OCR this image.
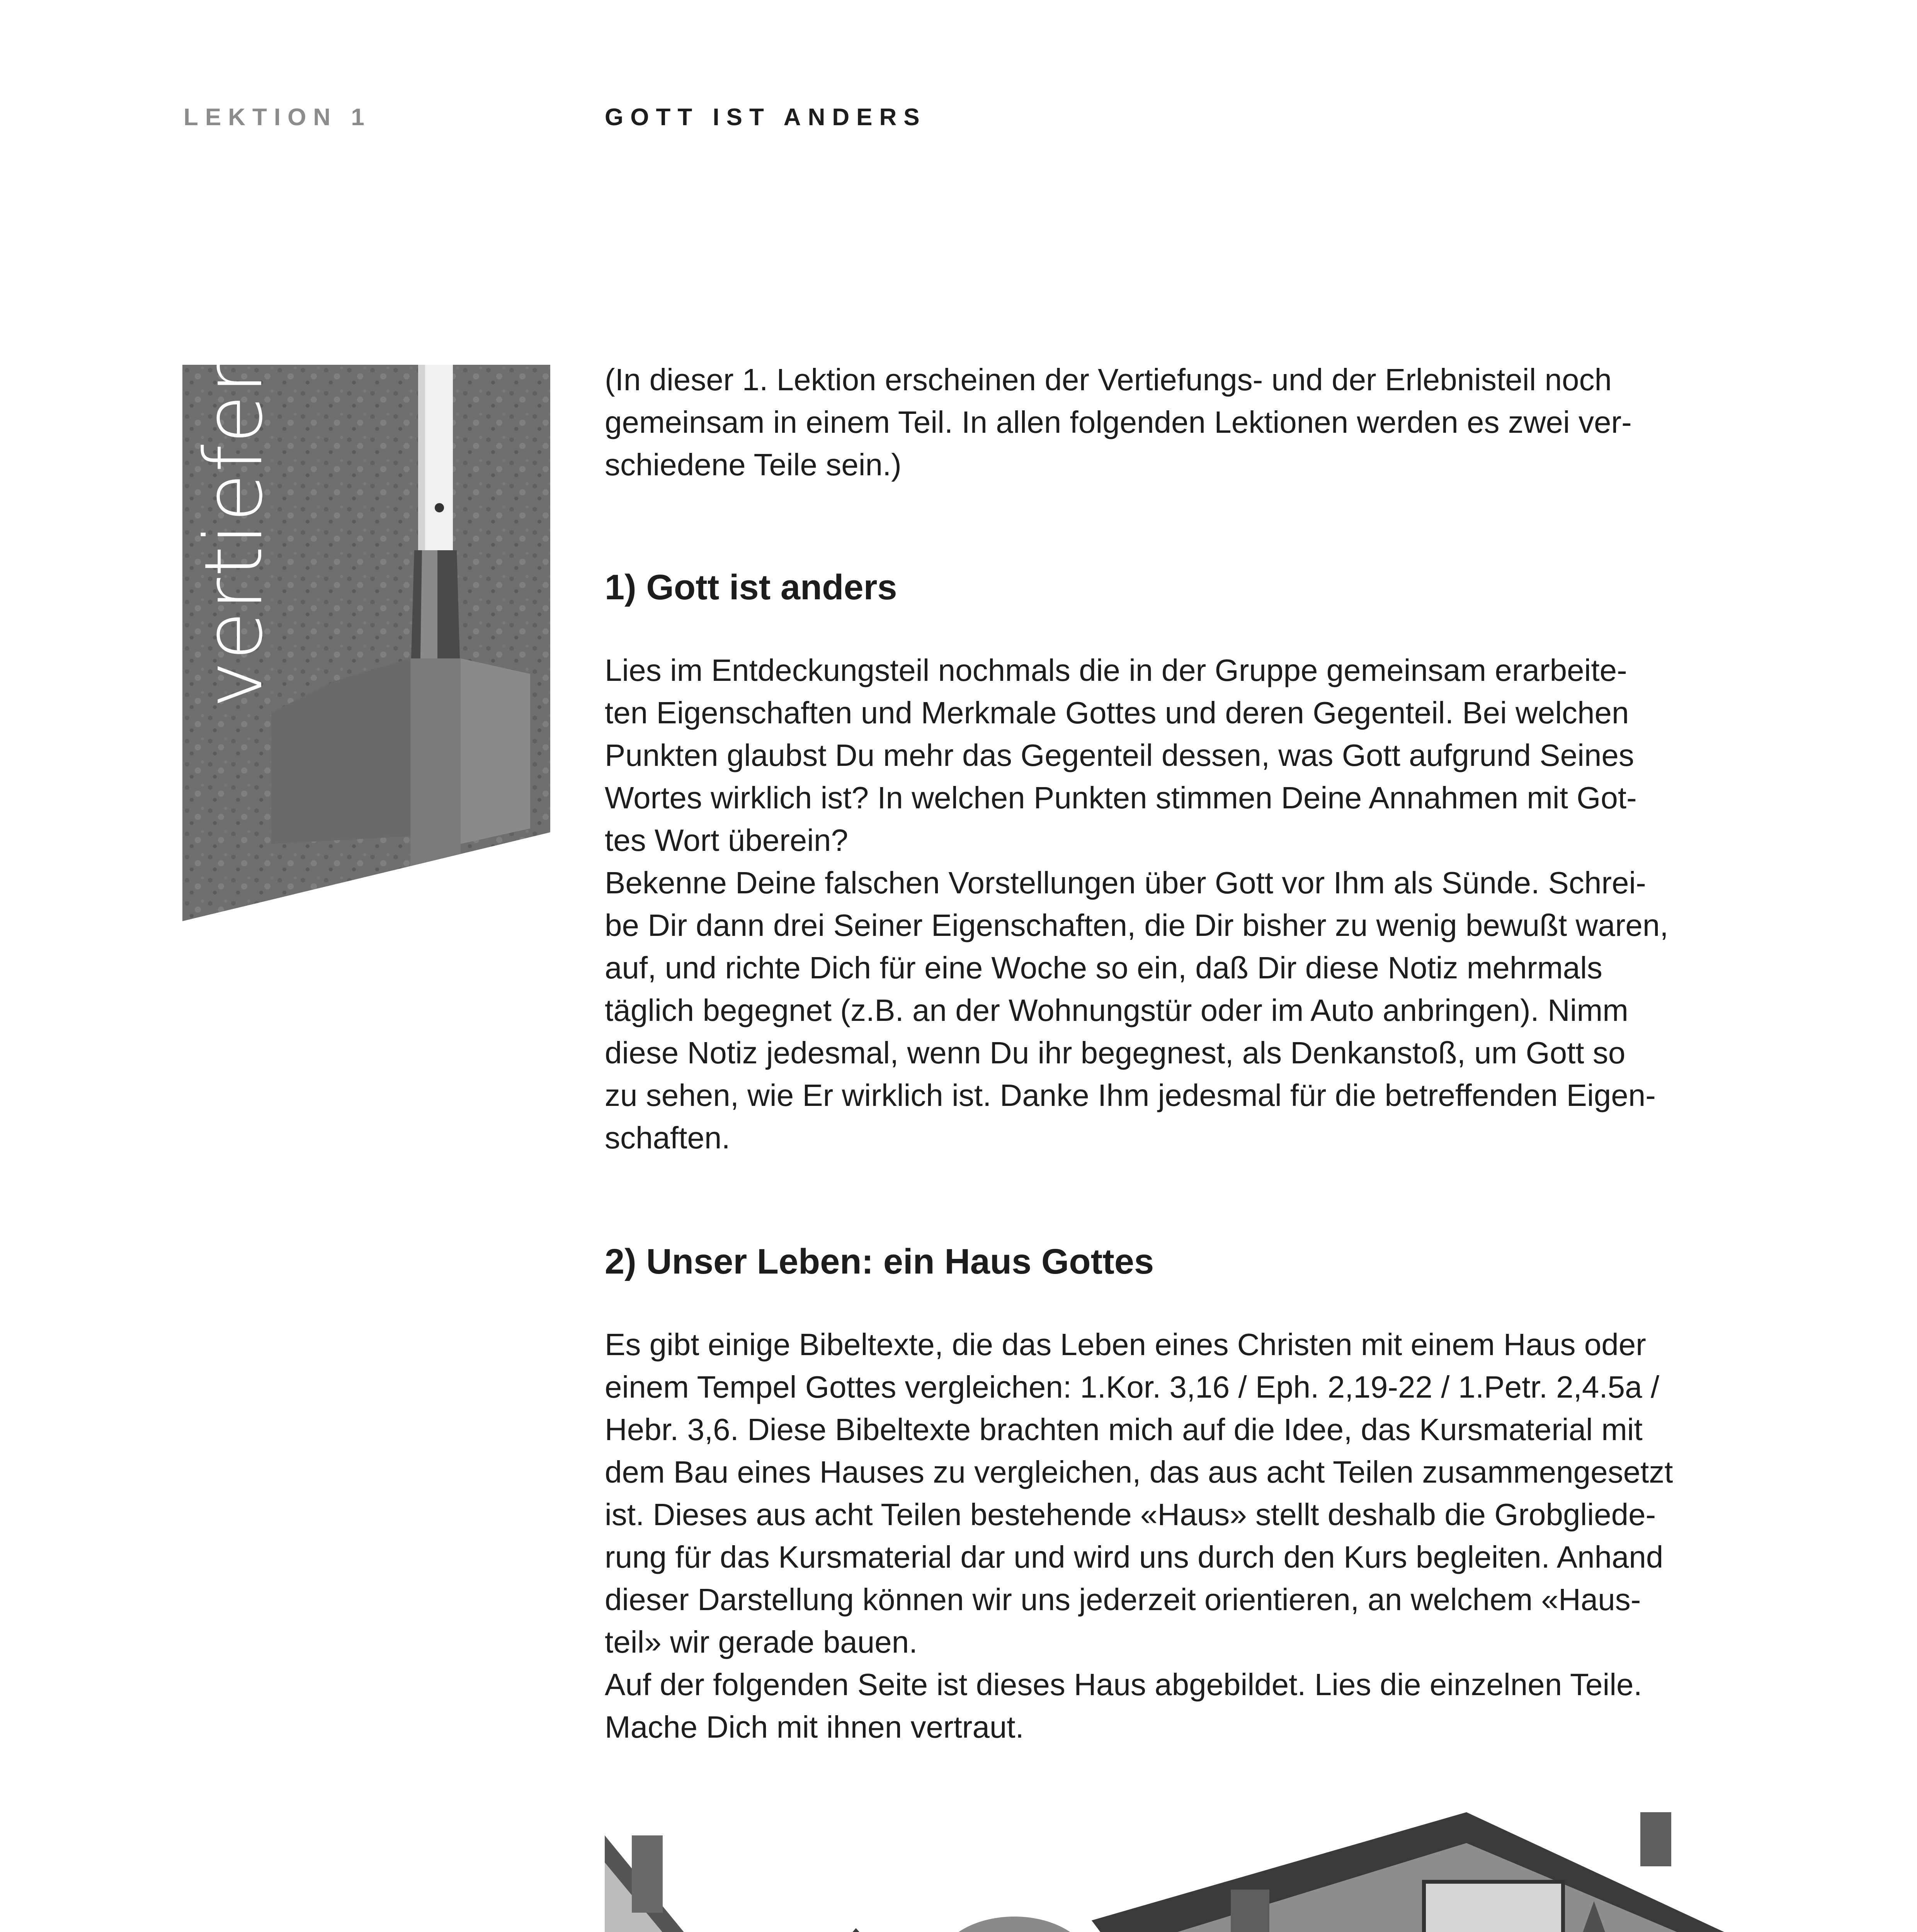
LEKTION 1	GOTT IST ANDERS
vertiefen	(In dieser 1. Lektion erscheinen der Vertiefungs- und der Erlebnisteil noch
gemeinsam in einem Teil. In allen folgenden Lektionen werden es zwei ver-
schiedene Teile sein.)

1) Gott ist anders

Lies im Entdeckungsteil nochmals die in der Gruppe gemeinsam erarbeite-
ten Eigenschaften und Merkmale Gottes und deren Gegenteil. Bei welchen
Punkten glaubst Du mehr das Gegenteil dessen, was Gott aufgrund Seines
Wortes wirklich ist? In welchen Punkten stimmen Deine Annahmen mit Got-
tes Wort überein?
Bekenne Deine falschen Vorstellungen über Gott vor Ihm als Sünde. Schrei-
be Dir dann drei Seiner Eigenschaften, die Dir bisher zu wenig bewußt waren,
auf, und richte Dich für eine Woche so ein, daß Dir diese Notiz mehrmals
täglich begegnet (z.B. an der Wohnungstür oder im Auto anbringen). Nimm
diese Notiz jedesmal, wenn Du ihr begegnest, als Denkanstoß, um Gott so
zu sehen, wie Er wirklich ist. Danke Ihm jedesmal für die betreffenden Eigen-
schaften.

2) Unser Leben: ein Haus Gottes

Es gibt einige Bibeltexte, die das Leben eines Christen mit einem Haus oder
einem Tempel Gottes vergleichen: 1.Kor. 3,16 / Eph. 2,19-22 / 1.Petr. 2,4.5a /
Hebr. 3,6. Diese Bibeltexte brachten mich auf die Idee, das Kursmaterial mit
dem Bau eines Hauses zu vergleichen, das aus acht Teilen zusammengesetzt
ist. Dieses aus acht Teilen bestehende «Haus» stellt deshalb die Grobgliede-
rung für das Kursmaterial dar und wird uns durch den Kurs begleiten. Anhand
dieser Darstellung können wir uns jederzeit orientieren, an welchem «Haus-
teil» wir gerade bauen.
Auf der folgenden Seite ist dieses Haus abgebildet. Lies die einzelnen Teile.
Mache Dich mit ihnen vertraut.
